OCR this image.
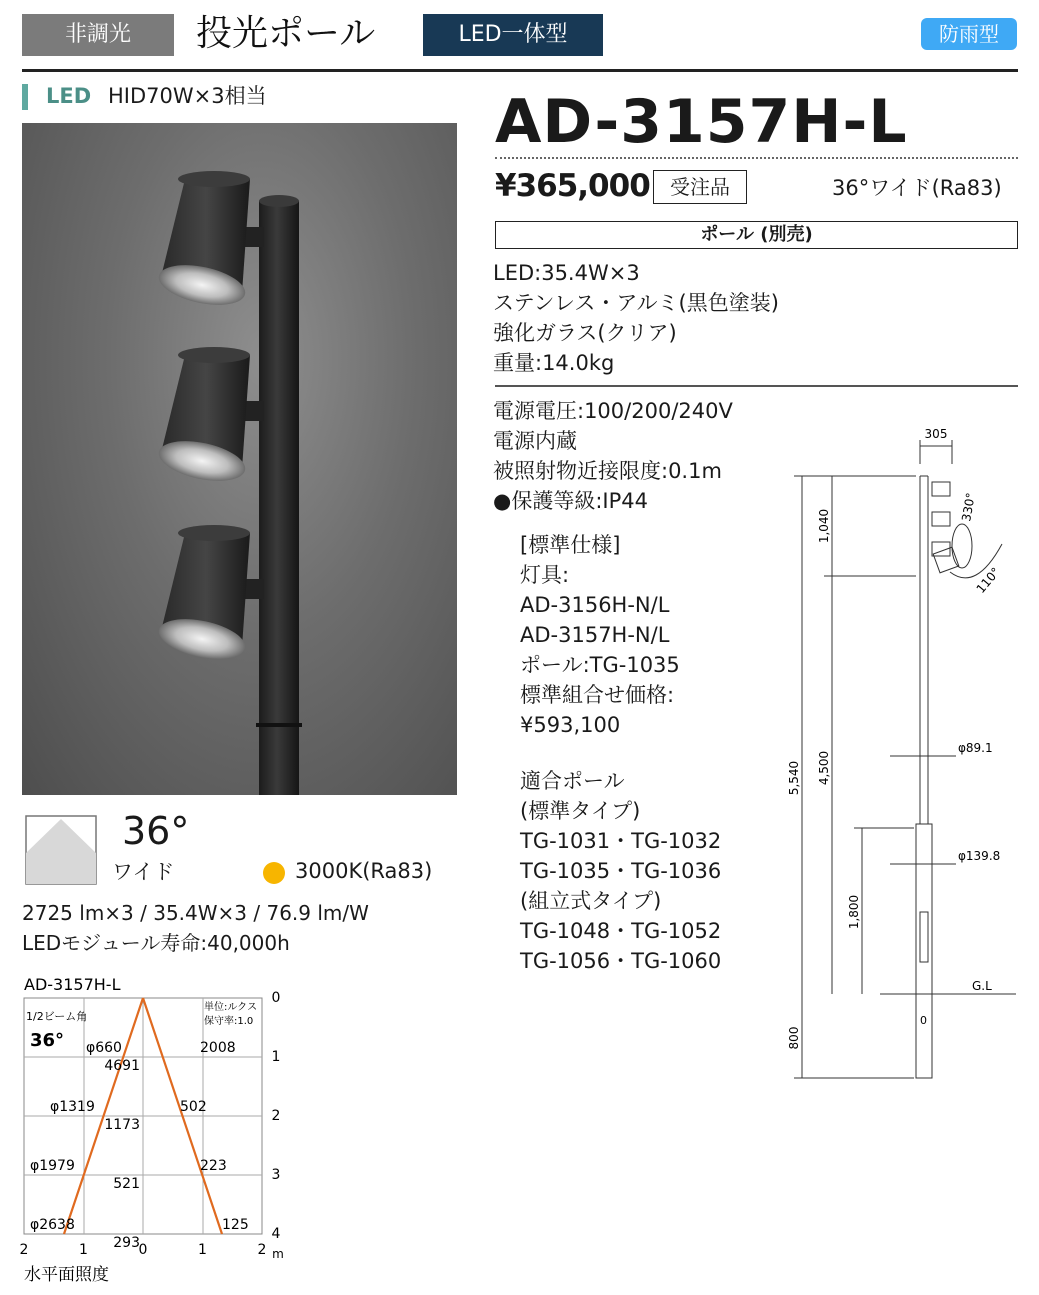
非調光	投光ポール	LED一体型	防雨型
LED HID70W×3相当	AD-3157H-L
¥365,000	受注品	36°ワイド(Ra83)
ポール (別売)
LED:35.4W×3
ステンレス・アルミ(黒色塗装)
強化ガラス(クリア)
重量:14.0kg
電源電圧:100/200/240V
電源内蔵
被照射物近接限度:0.1m
●保護等級:IP44
[標準仕様]
灯具:
AD-3156H-N/L
AD-3157H-N/L
ポール:TG-1035
標準組合せ価格:
¥593,100
適合ポール
(標準タイプ)
TG-1031・TG-1032
TG-1035・TG-1036
(組立式タイプ)
TG-1048・TG-1052
TG-1056・TG-1060
36°
ワイド	3000K(Ra83)
2725 lm×3 / 35.4W×3 / 76.9 lm/W
LEDモジュール寿命:40,000h
AD-3157H-L
1/2ビーム角
36°
単位:ルクス
保守率:1.0
φ660
φ1319
φ1979
φ2638
4691
1173
521
293
2008
502
223
125
0
1
2
3
4
2	1	0	1	2 m
水平面照度
305
1,040
5,540 4,500
1,800
800
φ89.1
φ139.8
G.L
0
330°
110°
